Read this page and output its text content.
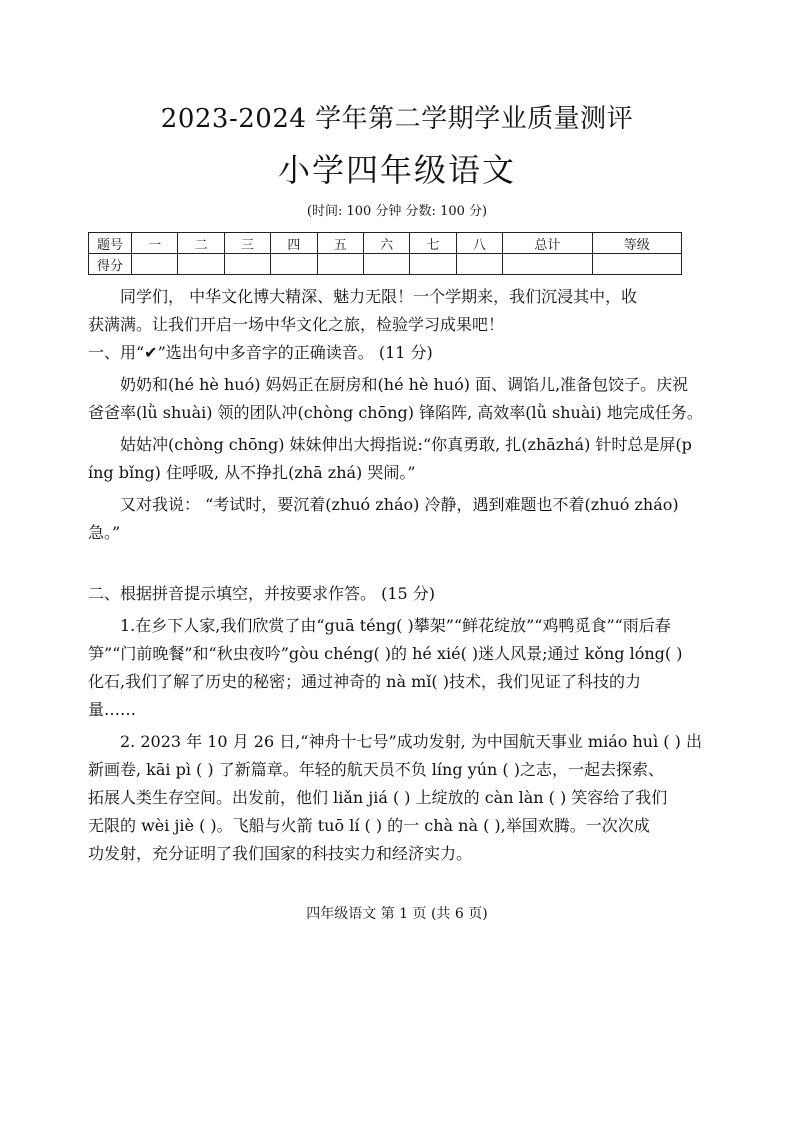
2023-2024 学年第二学期学业质量测评
小学四年级语文
(时间: 100 分钟 分数: 100 分)
题号	一	二	三	四	五	六	七	八	总计	等级
得分										
同学们， 中华文化博大精深、魅力无限！一个学期来，我们沉浸其中，收
获满满。让我们开启一场中华文化之旅，检验学习成果吧！
一、用“✔”选出句中多音字的正确读音。 (11 分)
奶奶和(hé hè huó) 妈妈正在厨房和(hé hè huó) 面、调馅儿,准备包饺子。庆祝
爸爸率(lǜ shuài) 领的团队冲(chòng chōng) 锋陷阵, 高效率(lǜ shuài) 地完成任务。
姑姑冲(chòng chōng) 妹妹伸出大拇指说:“你真勇敢, 扎(zhāzhá) 针时总是屏(p
íng bǐng) 住呼吸, 从不挣扎(zhā zhá) 哭闹。”
又对我说： “考试时，要沉着(zhuó zháo) 冷静，遇到难题也不着(zhuó zháo)
急。”
二、根据拼音提示填空，并按要求作答。 (15 分)
1.在乡下人家,我们欣赏了由“guā téng( )攀架”“鲜花绽放”“鸡鸭觅食”“雨后春
笋”“门前晚餐”和“秋虫夜吟”gòu chéng( )的 hé xié( )迷人风景;通过 kǒng lóng( )
化石,我们了解了历史的秘密；通过神奇的 nà mǐ( )技术，我们见证了科技的力
量……
2. 2023 年 10 月 26 日,“神舟十七号”成功发射, 为中国航天事业 miáo huì ( ) 出
新画卷, kāi pì ( ) 了新篇章。年轻的航天员不负 líng yún ( )之志，一起去探索、
拓展人类生存空间。出发前，他们 liǎn jiá ( ) 上绽放的 càn làn ( ) 笑容给了我们
无限的 wèi jiè ( )。飞船与火箭 tuō lí ( ) 的一 chà nà ( ),举国欢腾。一次次成
功发射，充分证明了我们国家的科技实力和经济实力。
四年级语文 第 1 页 (共 6 页)
